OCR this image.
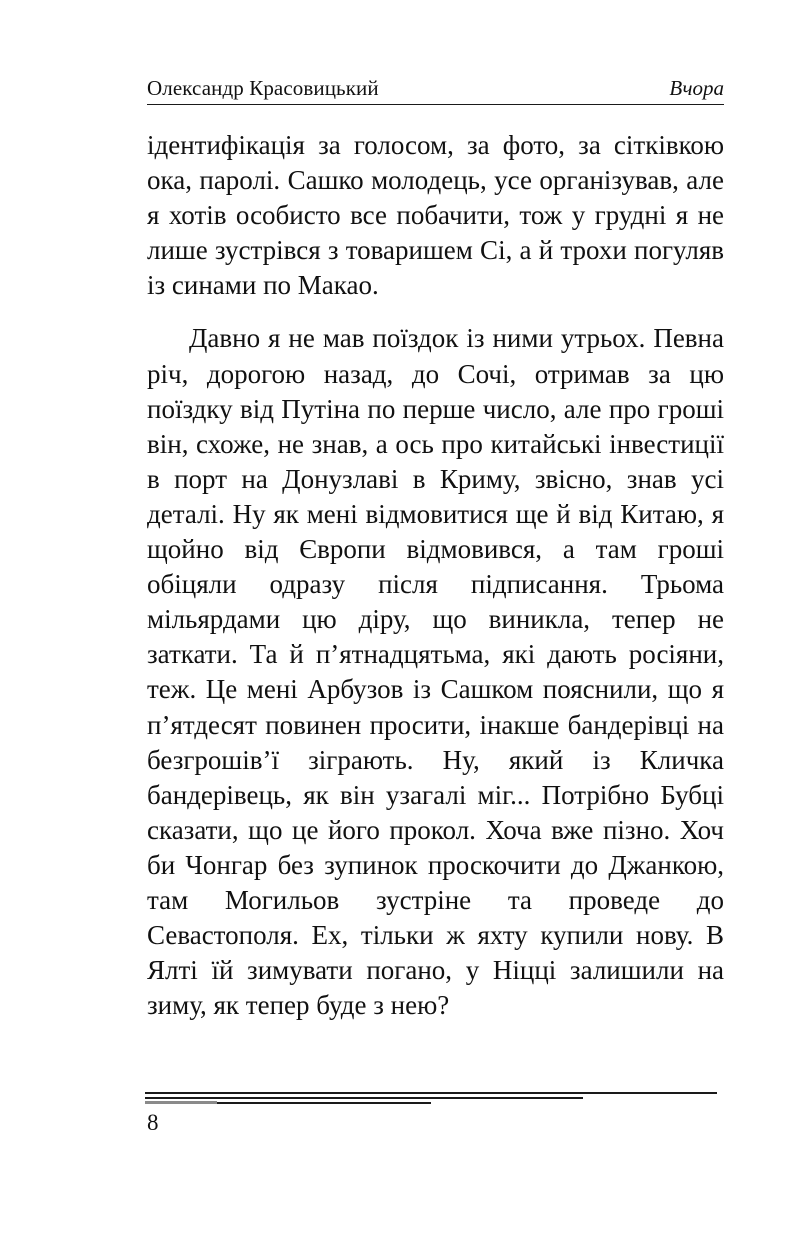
Олександр Красовицький	Вчора

ідентифікація за голосом, за фото, за сітківкою ока, паролі. Сашко молодець, усе організував, але я хотів особисто все побачити, тож у грудні я не лише зустрівся з товаришем Сі, а й трохи погуляв із синами по Макао.

Давно я не мав поїздок із ними утрьох. Певна річ, дорогою назад, до Сочі, отримав за цю поїздку від Путіна по перше число, але про гроші він, схоже, не знав, а ось про китайські інвестиції в порт на Донузлаві в Криму, звісно, знав усі деталі. Ну як мені відмовитися ще й від Китаю, я щойно від Європи відмовився, а там гроші обіцяли одразу після підписання. Трьома мільярдами цю діру, що виникла, тепер не заткати. Та й п’ятнадцятьма, які дають росіяни, теж. Це мені Арбузов із Сашком пояснили, що я п’ятдесят повинен просити, інакше бандерівці на безгрошів’ї зіграють. Ну, який із Кличка бандерівець, як він узагалі міг... Потрібно Бубці сказати, що це його прокол. Хоча вже пізно. Хоч би Чонгар без зупинок проскочити до Джанкою, там Могильов зустріне та проведе до Севастополя. Ех, тільки ж яхту купили нову. В Ялті їй зимувати погано, у Ніцці залишили на зиму, як тепер буде з нею?

8
